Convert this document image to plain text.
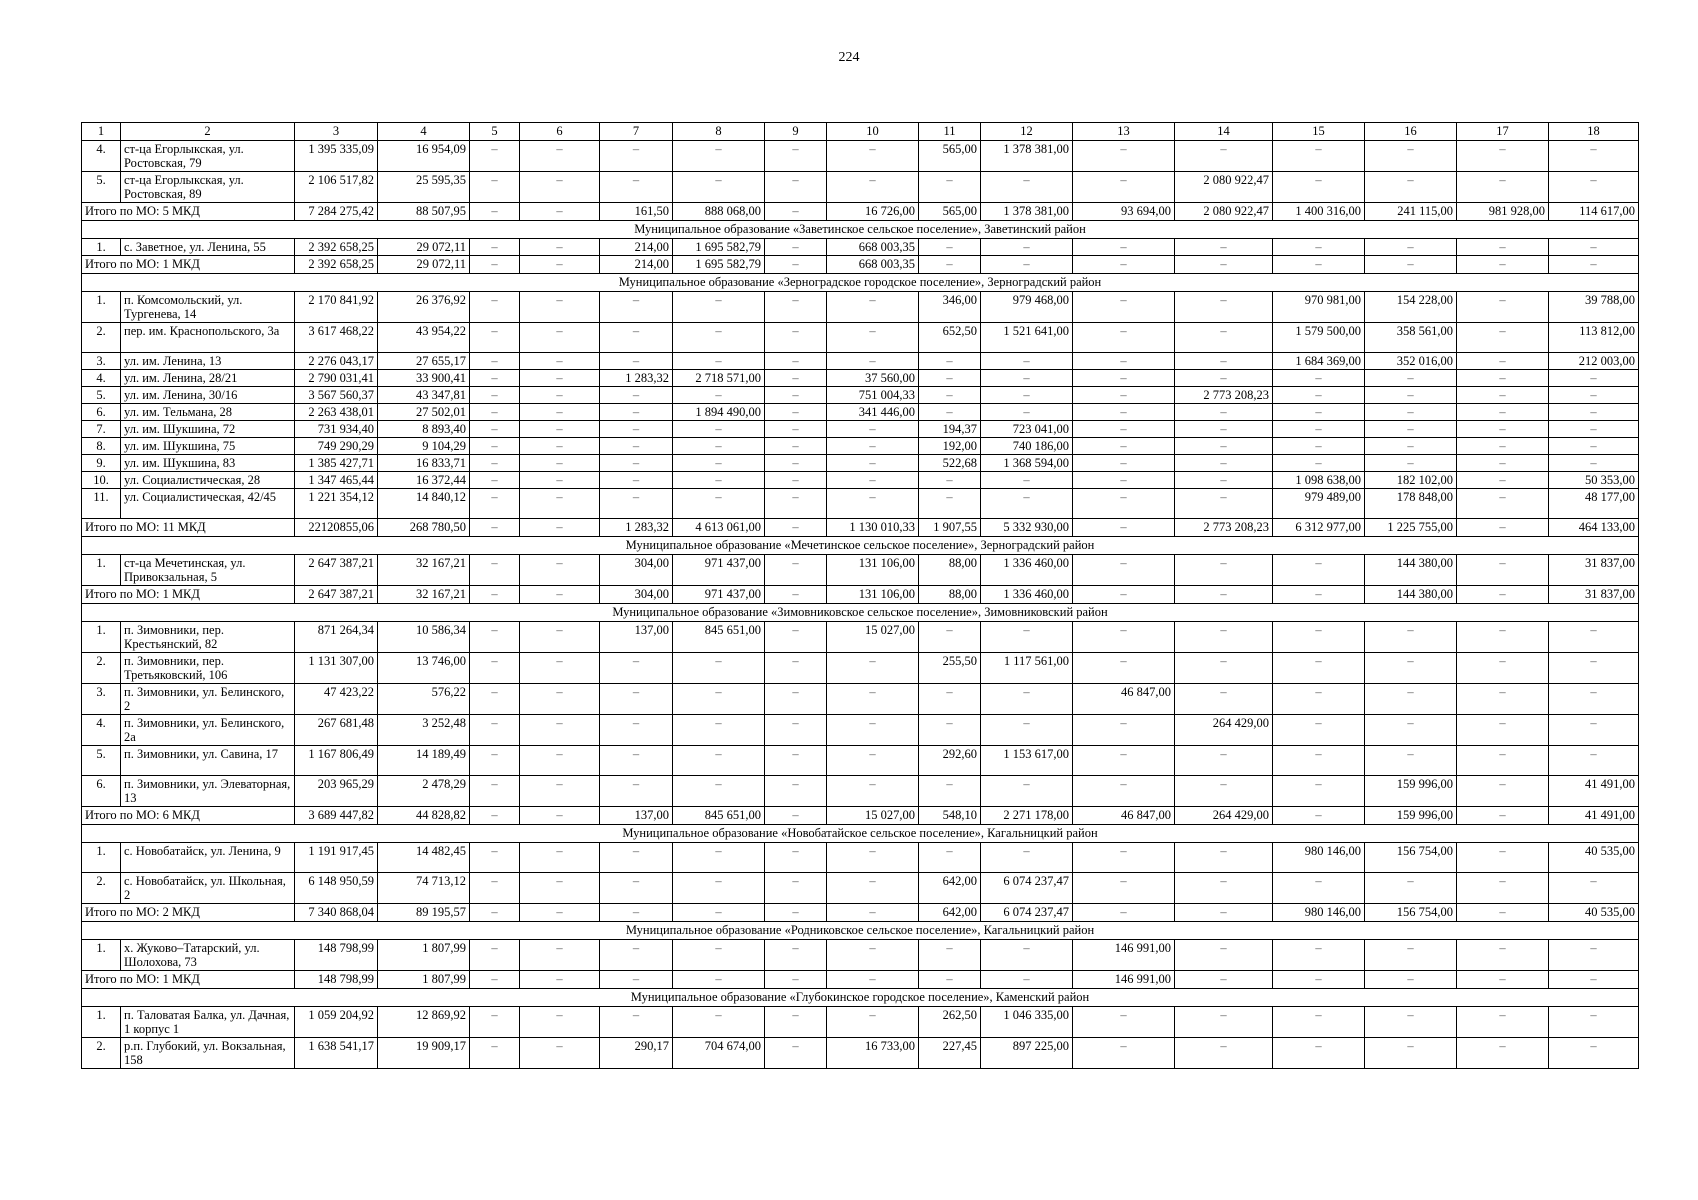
224
1	2	3	4	5	6	7	8	9	10	11	12	13	14	15	16	17	18
4.	ст-ца Егорлыкская, ул. Ростовская, 79	1 395 335,09	16 954,09	–	–	–	–	–	–	565,00	1 378 381,00	–	–	–	–	–	–
5.	ст-ца Егорлыкская, ул. Ростовская, 89	2 106 517,82	25 595,35	–	–	–	–	–	–	–	–	–	2 080 922,47	–	–	–	–
Итого по МО: 5 МКД		7 284 275,42	88 507,95	–	–	161,50	888 068,00	–	16 726,00	565,00	1 378 381,00	93 694,00	2 080 922,47	1 400 316,00	241 115,00	981 928,00	114 617,00
Муниципальное образование «Заветинское сельское поселение», Заветинский район																	
1.	с. Заветное, ул. Ленина, 55	2 392 658,25	29 072,11	–	–	214,00	1 695 582,79	–	668 003,35	–	–	–	–	–	–	–	–
Итого по МО: 1 МКД		2 392 658,25	29 072,11	–	–	214,00	1 695 582,79	–	668 003,35	–	–	–	–	–	–	–	–
Муниципальное образование «Зерноградское городское поселение», Зерноградский район																	
1.	п. Комсомольский, ул. Тургенева, 14	2 170 841,92	26 376,92	–	–	–	–	–	–	346,00	979 468,00	–	–	970 981,00	154 228,00	–	39 788,00
2.	пер. им. Краснопольского, 3а	3 617 468,22	43 954,22	–	–	–	–	–	–	652,50	1 521 641,00	–	–	1 579 500,00	358 561,00	–	113 812,00
3.	ул. им. Ленина, 13	2 276 043,17	27 655,17	–	–	–	–	–	–	–	–	–	–	1 684 369,00	352 016,00	–	212 003,00
4.	ул. им. Ленина, 28/21	2 790 031,41	33 900,41	–	–	1 283,32	2 718 571,00	–	37 560,00	–	–	–	–	–	–	–	–
5.	ул. им. Ленина, 30/16	3 567 560,37	43 347,81	–	–	–	–	–	751 004,33	–	–	–	2 773 208,23	–	–	–	–
6.	ул. им. Тельмана, 28	2 263 438,01	27 502,01	–	–	–	1 894 490,00	–	341 446,00	–	–	–	–	–	–	–	–
7.	ул. им. Шукшина, 72	731 934,40	8 893,40	–	–	–	–	–	–	194,37	723 041,00	–	–	–	–	–	–
8.	ул. им. Шукшина, 75	749 290,29	9 104,29	–	–	–	–	–	–	192,00	740 186,00	–	–	–	–	–	–
9.	ул. им. Шукшина, 83	1 385 427,71	16 833,71	–	–	–	–	–	–	522,68	1 368 594,00	–	–	–	–	–	–
10.	ул. Социалистическая, 28	1 347 465,44	16 372,44	–	–	–	–	–	–	–	–	–	–	1 098 638,00	182 102,00	–	50 353,00
11.	ул. Социалистическая, 42/45	1 221 354,12	14 840,12	–	–	–	–	–	–	–	–	–	–	979 489,00	178 848,00	–	48 177,00
Итого по МО: 11 МКД		22120855,06	268 780,50	–	–	1 283,32	4 613 061,00	–	1 130 010,33	1 907,55	5 332 930,00	–	2 773 208,23	6 312 977,00	1 225 755,00	–	464 133,00
Муниципальное образование «Мечетинское сельское поселение», Зерноградский район																	
1.	ст-ца Мечетинская, ул. Привокзальная, 5	2 647 387,21	32 167,21	–	–	304,00	971 437,00	–	131 106,00	88,00	1 336 460,00	–	–	–	144 380,00	–	31 837,00
Итого по МО: 1 МКД		2 647 387,21	32 167,21	–	–	304,00	971 437,00	–	131 106,00	88,00	1 336 460,00	–	–	–	144 380,00	–	31 837,00
Муниципальное образование «Зимовниковское сельское поселение», Зимовниковский район																	
1.	п. Зимовники, пер. Крестьянский, 82	871 264,34	10 586,34	–	–	137,00	845 651,00	–	15 027,00	–	–	–	–	–	–	–	–
2.	п. Зимовники, пер. Третьяковский, 106	1 131 307,00	13 746,00	–	–	–	–	–	–	255,50	1 117 561,00	–	–	–	–	–	–
3.	п. Зимовники, ул. Белинского, 2	47 423,22	576,22	–	–	–	–	–	–	–	–	46 847,00	–	–	–	–	–
4.	п. Зимовники, ул. Белинского, 2а	267 681,48	3 252,48	–	–	–	–	–	–	–	–	–	264 429,00	–	–	–	–
5.	п. Зимовники, ул. Савина, 17	1 167 806,49	14 189,49	–	–	–	–	–	–	292,60	1 153 617,00	–	–	–	–	–	–
6.	п. Зимовники, ул. Элеваторная, 13	203 965,29	2 478,29	–	–	–	–	–	–	–	–	–	–	–	159 996,00	–	41 491,00
Итого по МО: 6 МКД		3 689 447,82	44 828,82	–	–	137,00	845 651,00	–	15 027,00	548,10	2 271 178,00	46 847,00	264 429,00	–	159 996,00	–	41 491,00
Муниципальное образование «Новобатайское сельское поселение», Кагальницкий район																	
1.	с. Новобатайск, ул. Ленина, 9	1 191 917,45	14 482,45	–	–	–	–	–	–	–	–	–	–	980 146,00	156 754,00	–	40 535,00
2.	с. Новобатайск, ул. Школьная, 2	6 148 950,59	74 713,12	–	–	–	–	–	–	642,00	6 074 237,47	–	–	–	–	–	–
Итого по МО: 2 МКД		7 340 868,04	89 195,57	–	–	–	–	–	–	642,00	6 074 237,47	–	–	980 146,00	156 754,00	–	40 535,00
Муниципальное образование «Родниковское сельское поселение», Кагальницкий район																	
1.	х. Жуково–Татарский, ул. Шолохова, 73	148 798,99	1 807,99	–	–	–	–	–	–	–	–	146 991,00	–	–	–	–	–
Итого по МО: 1 МКД		148 798,99	1 807,99	–	–	–	–	–	–	–	–	146 991,00	–	–	–	–	–
Муниципальное образование «Глубокинское городское поселение», Каменский район																	
1.	п. Таловатая Балка, ул. Дачная, 1 корпус 1	1 059 204,92	12 869,92	–	–	–	–	–	–	262,50	1 046 335,00	–	–	–	–	–	–
2.	р.п. Глубокий, ул. Вокзальная, 158	1 638 541,17	19 909,17	–	–	290,17	704 674,00	–	16 733,00	227,45	897 225,00	–	–	–	–	–	–
